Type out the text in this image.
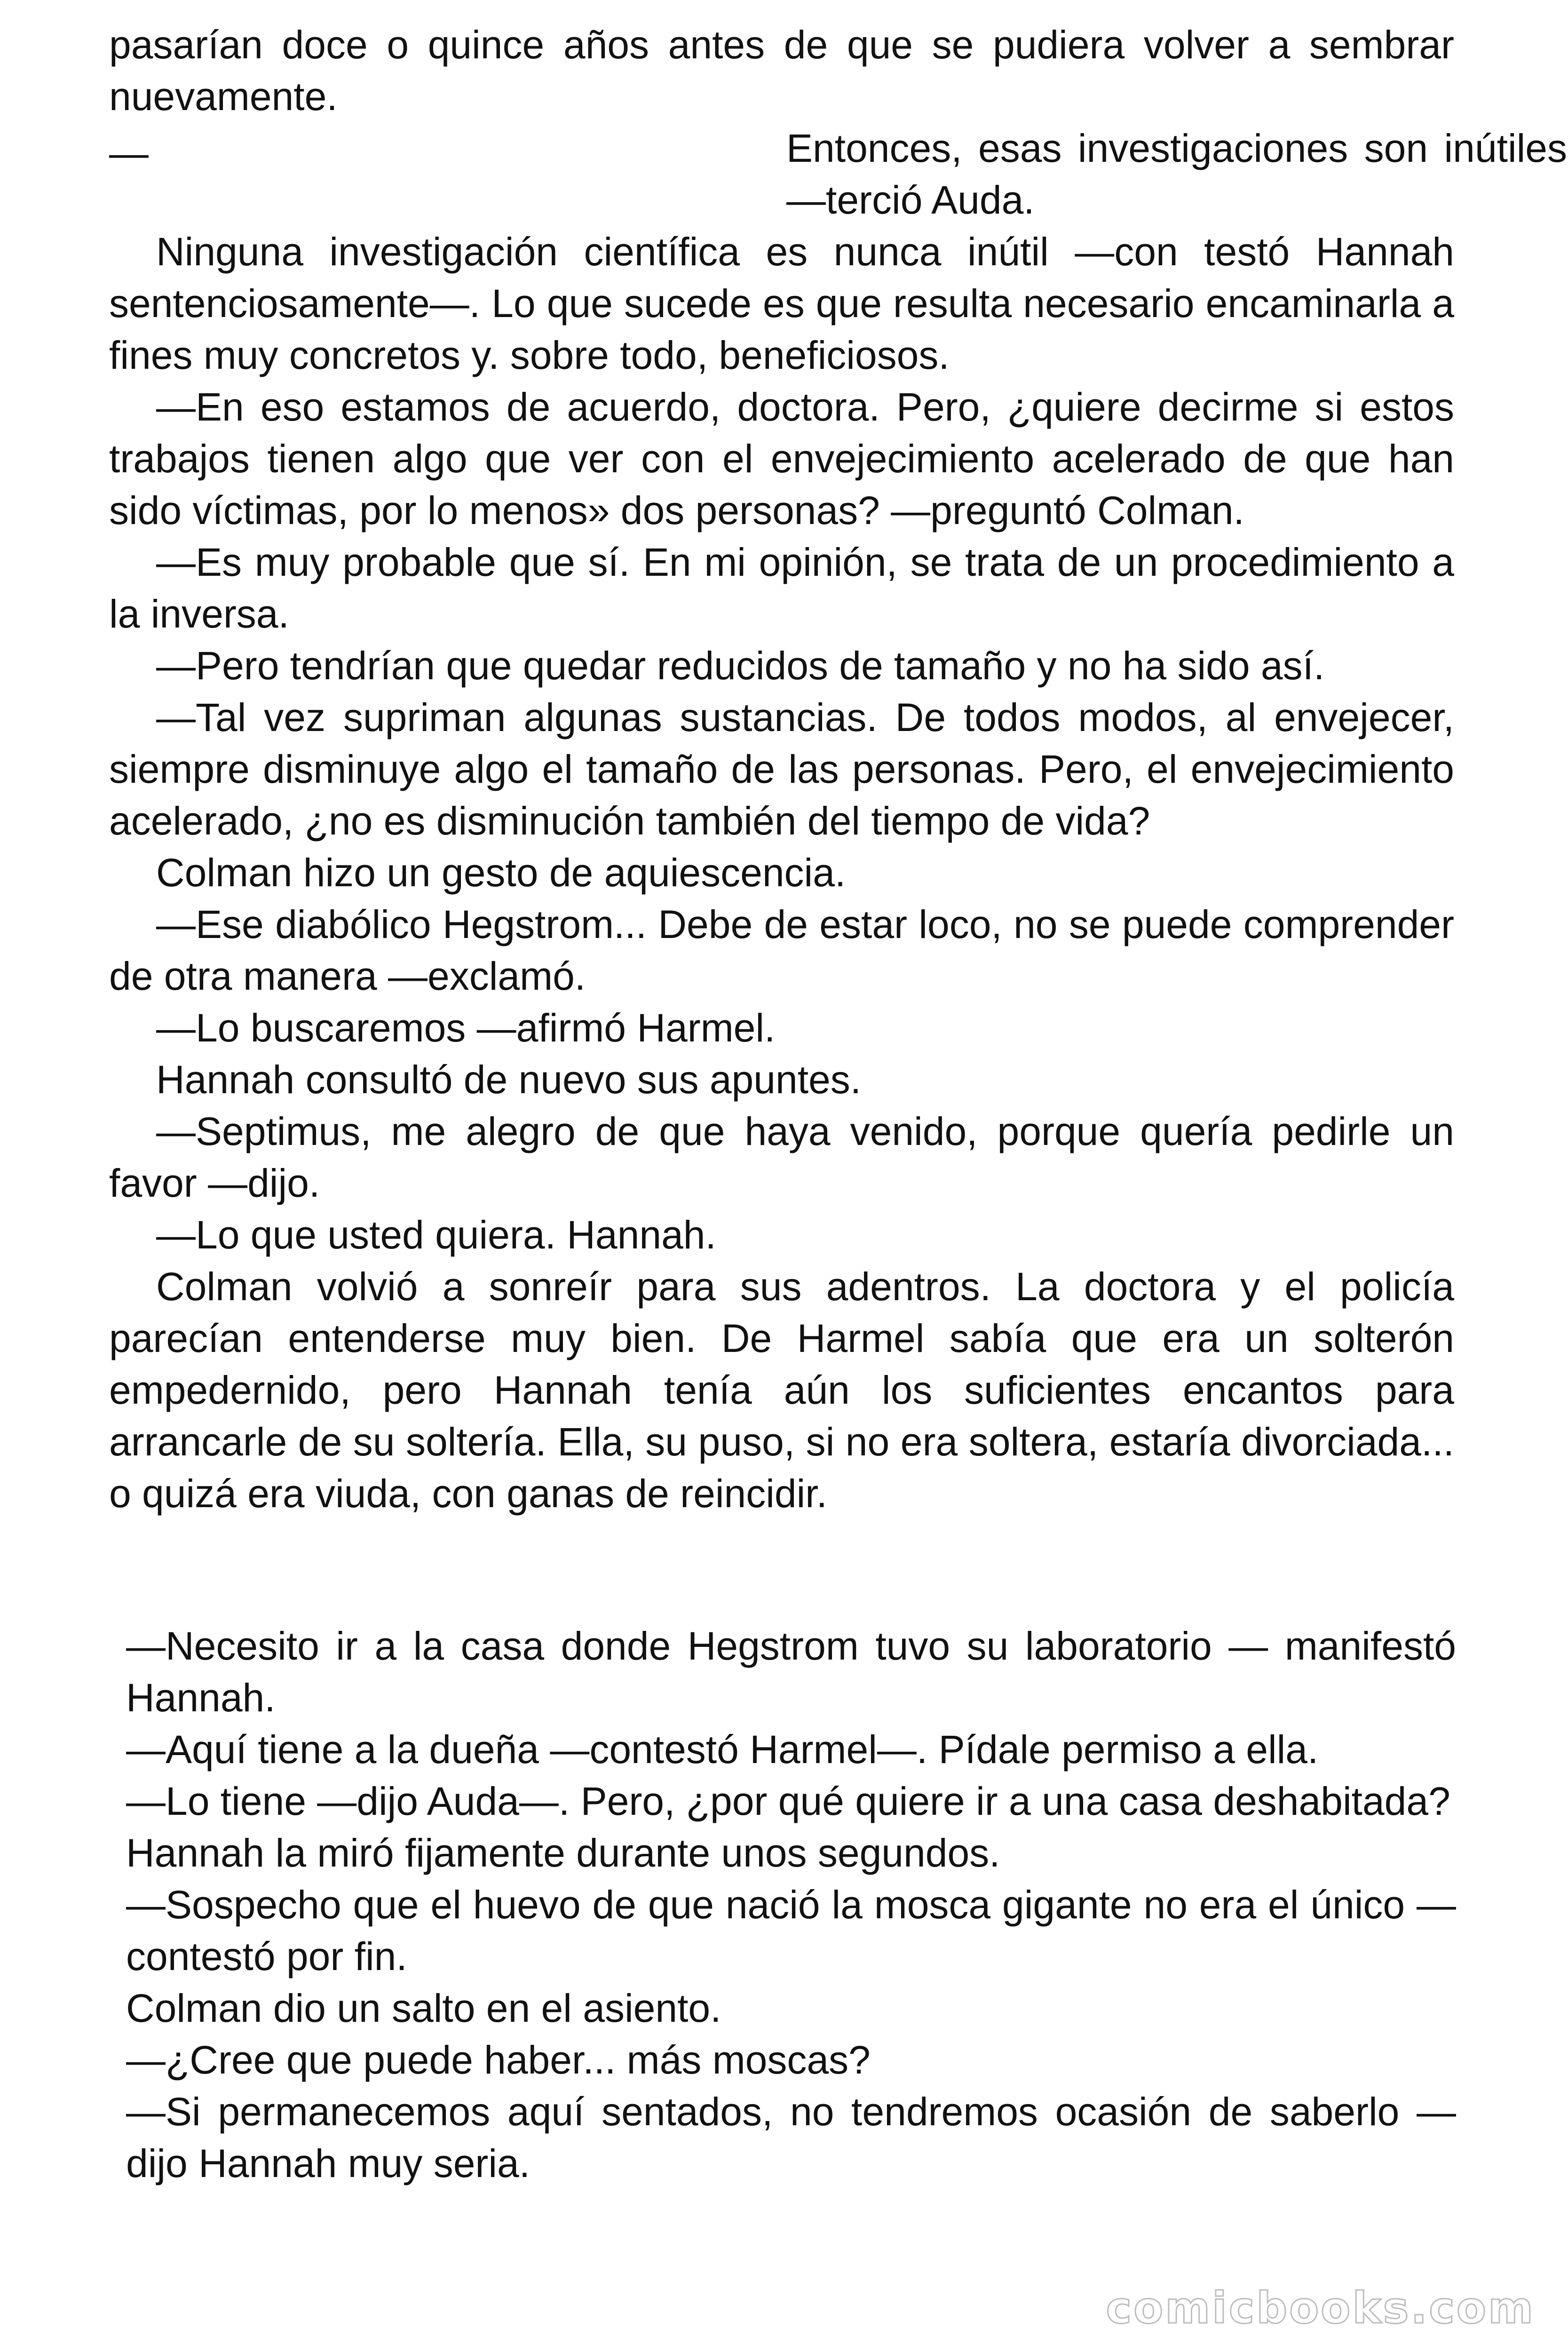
pasarían doce o quince años antes de que se pudiera volver a sembrar nuevamente.

Entonces, esas investigaciones son inútiles —terció Auda.

Ninguna investigación científica es nunca inútil —con testó Hannah sentenciosamente—. Lo que sucede es que resulta necesario encaminarla a fines muy concretos y. sobre todo, beneficiosos.

—En eso estamos de acuerdo, doctora. Pero, ¿quiere decirme si estos trabajos tienen algo que ver con el envejecimiento acelerado de que han sido víctimas, por lo menos» dos personas? —preguntó Colman.

—Es muy probable que sí. En mi opinión, se trata de un procedimiento a la inversa.

—Pero tendrían que quedar reducidos de tamaño y no ha sido así.

—Tal vez supriman algunas sustancias. De todos modos, al envejecer, siempre disminuye algo el tamaño de las personas. Pero, el envejecimiento acelerado, ¿no es disminución también del tiempo de vida?

Colman hizo un gesto de aquiescencia.

—Ese diabólico Hegstrom... Debe de estar loco, no se puede comprender de otra manera —exclamó.

—Lo buscaremos —afirmó Harmel.

Hannah consultó de nuevo sus apuntes.

—Septimus, me alegro de que haya venido, porque quería pedirle un favor —dijo.

—Lo que usted quiera. Hannah.

Colman volvió a sonreír para sus adentros. La doctora y el policía parecían entenderse muy bien. De Harmel sabía que era un solterón empedernido, pero Hannah tenía aún los suficientes encantos para arrancarle de su soltería. Ella, su puso, si no era soltera, estaría divorciada... o quizá era viuda, con ganas de reincidir.

—

—Necesito ir a la casa donde Hegstrom tuvo su laboratorio — manifestó Hannah.

—Aquí tiene a la dueña —contestó Harmel—. Pídale permiso a ella.

—Lo tiene —dijo Auda—. Pero, ¿por qué quiere ir a una casa deshabitada?

Hannah la miró fijamente durante unos segundos.

—Sospecho que el huevo de que nació la mosca gigante no era el único —contestó por fin.

Colman dio un salto en el asiento.

—¿Cree que puede haber... más moscas?

—Si permanecemos aquí sentados, no tendremos ocasión de saberlo —dijo Hannah muy seria.

comicbooks.com
